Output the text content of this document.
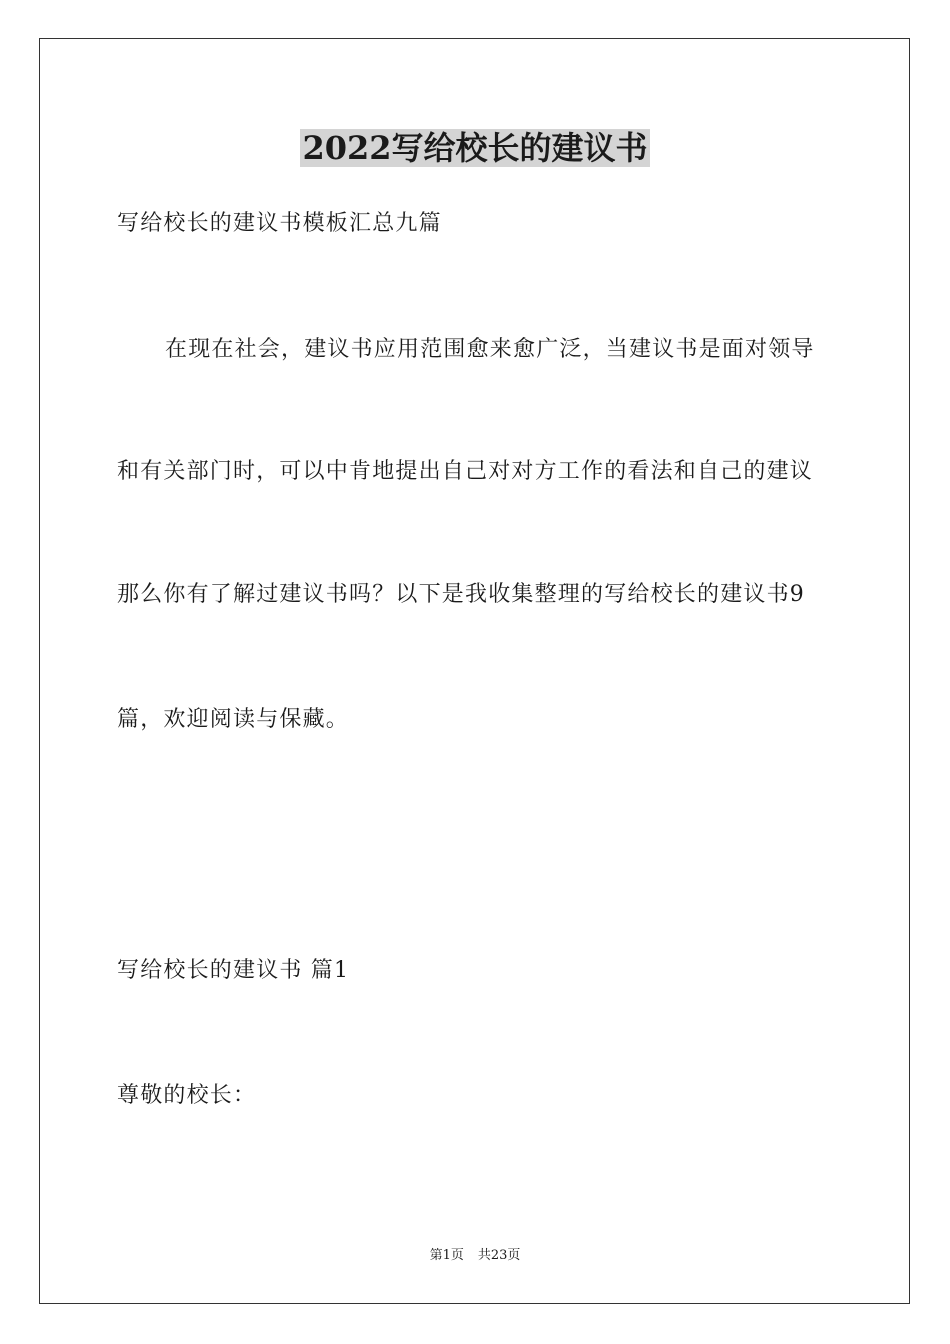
2022写给校长的建议书
写给校长的建议书模板汇总九篇
在现在社会，建议书应用范围愈来愈广泛，当建议书是面对领导
和有关部门时，可以中肯地提出自己对对方工作的看法和自己的建议
那么你有了解过建议书吗？以下是我收集整理的写给校长的建议书9
篇，欢迎阅读与保藏。
写给校长的建议书 篇1
尊敬的校长：
第1页 共23页
